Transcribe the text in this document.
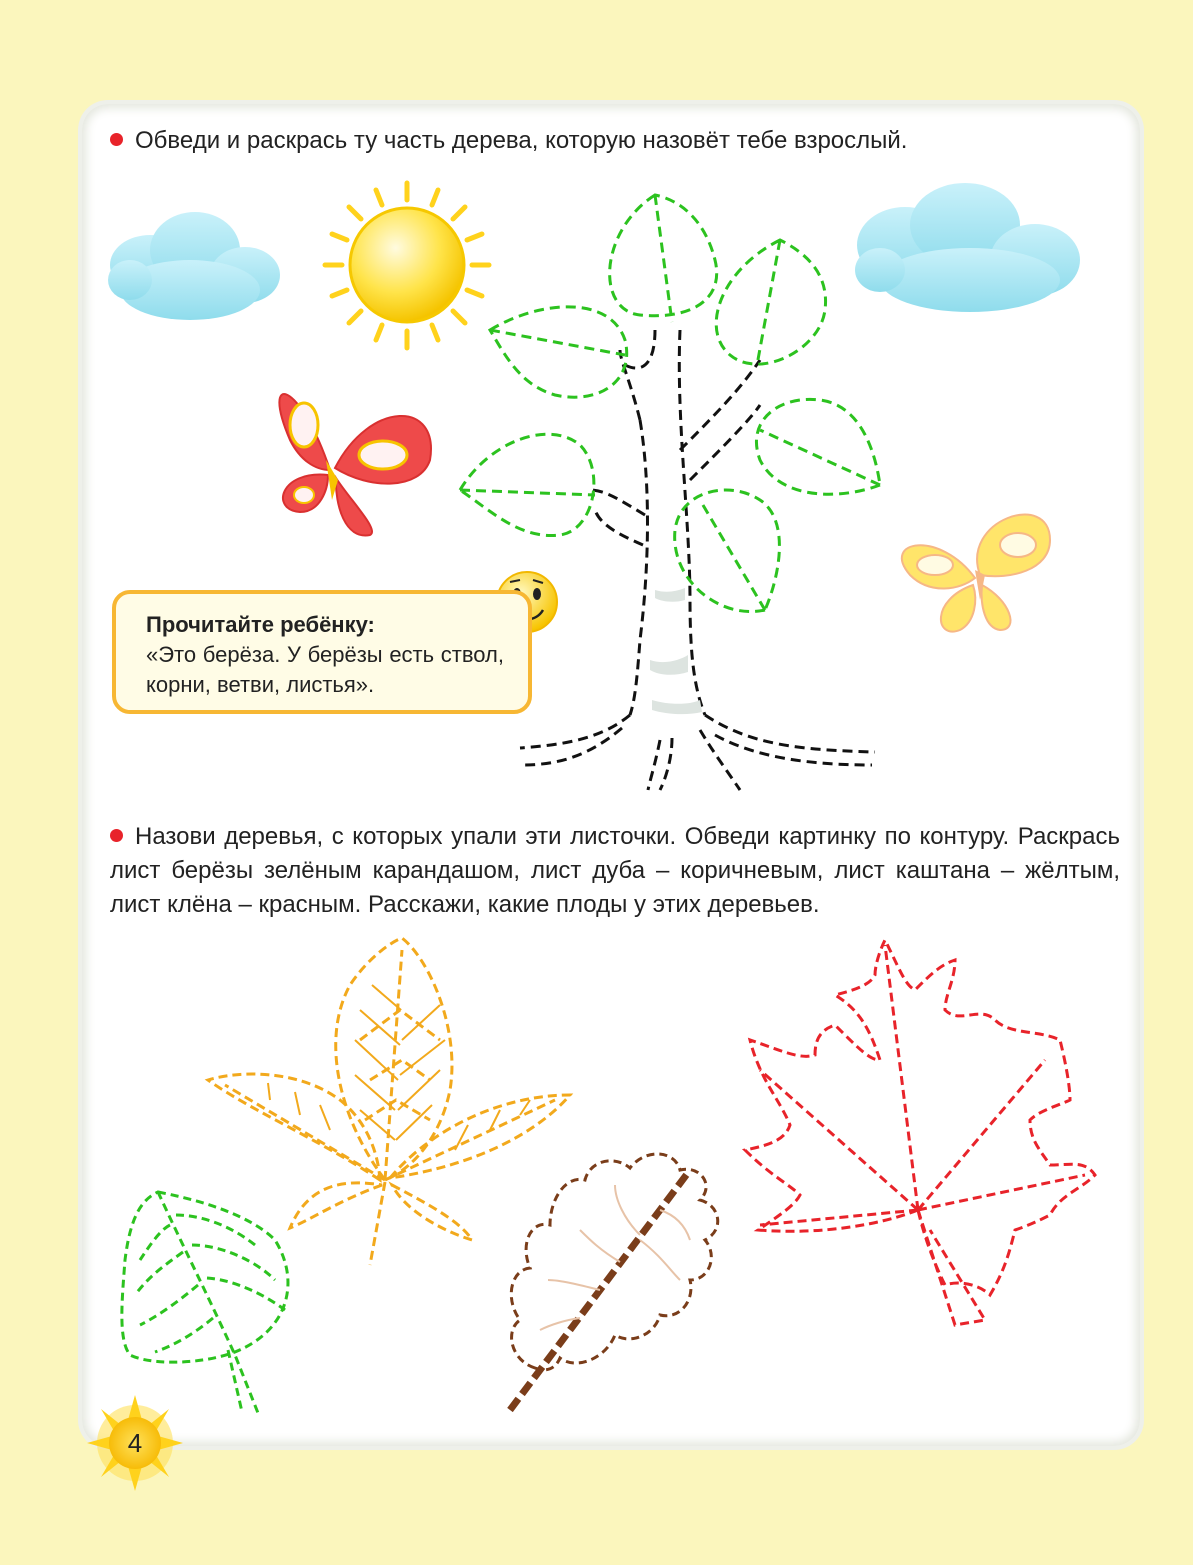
Обведи и раскрась ту часть дерева, которую назовёт тебе взрослый.
Прочитайте ребёнку:
«Это берёза. У берёзы есть ствол, корни, ветви, листья».
Назови деревья, с которых упали эти листочки. Обведи картинку по контуру. Раскрась лист берёзы зелёным карандашом, лист дуба – коричневым, лист каштана – жёлтым, лист клёна – красным. Расскажи, какие плоды у этих деревьев.
4
